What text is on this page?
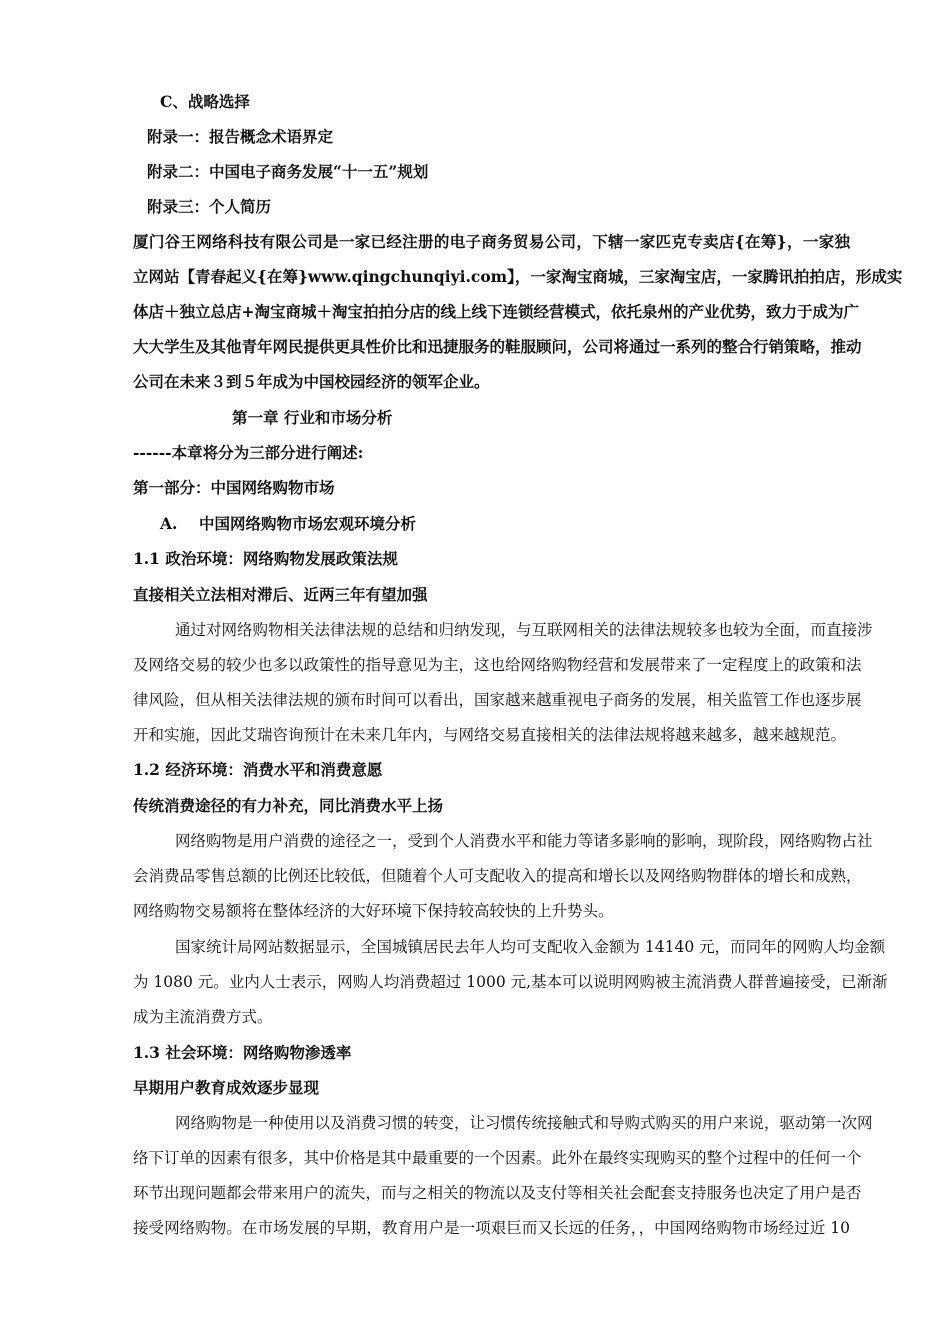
C、战略选择
附录一：报告概念术语界定
附录二：中国电子商务发展“十一五”规划
附录三：个人简历
厦门谷王网络科技有限公司是一家已经注册的电子商务贸易公司，下辖一家匹克专卖店{在筹}，一家独
立网站【青春起义{在筹}www.qingchunqiyi.com】，一家淘宝商城，三家淘宝店，一家腾讯拍拍店，形成实
体店＋独立总店+淘宝商城＋淘宝拍拍分店的线上线下连锁经营模式，依托泉州的产业优势，致力于成为广
大大学生及其他青年网民提供更具性价比和迅捷服务的鞋服顾问，公司将通过一系列的整合行销策略，推动
公司在未来３到５年成为中国校园经济的领军企业。
第一章 行业和市场分析
------本章将分为三部分进行阐述:
第一部分：中国网络购物市场
A.    中国网络购物市场宏观环境分析
1.1 政治环境：网络购物发展政策法规
直接相关立法相对滞后、近两三年有望加强
通过对网络购物相关法律法规的总结和归纳发现，与互联网相关的法律法规较多也较为全面，而直接涉
及网络交易的较少也多以政策性的指导意见为主，这也给网络购物经营和发展带来了一定程度上的政策和法
律风险，但从相关法律法规的颁布时间可以看出，国家越来越重视电子商务的发展，相关监管工作也逐步展
开和实施，因此艾瑞咨询预计在未来几年内，与网络交易直接相关的法律法规将越来越多，越来越规范。
1.2 经济环境：消费水平和消费意愿
传统消费途径的有力补充，同比消费水平上扬
网络购物是用户消费的途径之一，受到个人消费水平和能力等诸多影响的影响，现阶段，网络购物占社
会消费品零售总额的比例还比较低，但随着个人可支配收入的提高和增长以及网络购物群体的增长和成熟，
网络购物交易额将在整体经济的大好环境下保持较高较快的上升势头。
国家统计局网站数据显示，全国城镇居民去年人均可支配收入金额为 14140 元，而同年的网购人均金额
为 1080 元。业内人士表示，网购人均消费超过 1000 元,基本可以说明网购被主流消费人群普遍接受，已渐渐
成为主流消费方式。
1.3 社会环境：网络购物渗透率
早期用户教育成效逐步显现
网络购物是一种使用以及消费习惯的转变，让习惯传统接触式和导购式购买的用户来说，驱动第一次网
络下订单的因素有很多，其中价格是其中最重要的一个因素。此外在最终实现购买的整个过程中的任何一个
环节出现问题都会带来用户的流失，而与之相关的物流以及支付等相关社会配套支持服务也决定了用户是否
接受网络购物。在市场发展的早期，教育用户是一项艰巨而又长远的任务，，中国网络购物市场经过近 10
